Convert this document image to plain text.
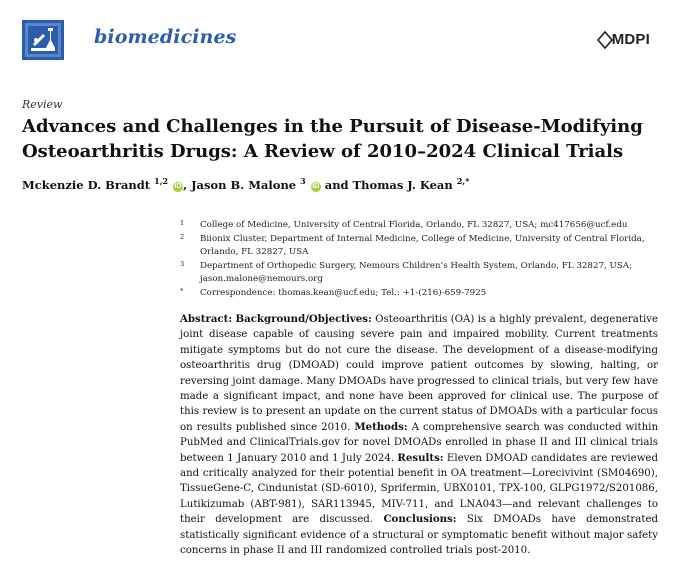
biomedicines	MDPI
Review
Advances and Challenges in the Pursuit of Disease-Modifying Osteoarthritis Drugs: A Review of 2010–2024 Clinical Trials
Mckenzie D. Brandt $^{1,2}$ iD , Jason B. Malone $^3$ iD and Thomas J. Kean $^{2,*}$
1 College of Medicine, University of Central Florida, Orlando, FL 32827, USA; mc417656@ucf.edu
2 Biionix Cluster, Department of Internal Medicine, College of Medicine, University of Central Florida, Orlando, FL 32827, USA
3 Department of Orthopedic Surgery, Nemours Children’s Health System, Orlando, FL 32827, USA; jason.malone@nemours.org
* Correspondence: thomas.kean@ucf.edu; Tel.: +1-(216)-659-7925

Abstract: Background/Objectives: Osteoarthritis (OA) is a highly prevalent, degenerative joint disease capable of causing severe pain and impaired mobility. Current treatments mitigate symptoms but do not cure the disease. The development of a disease-modifying osteoarthritis drug (DMOAD) could improve patient outcomes by slowing, halting, or reversing joint damage. Many DMOADs have progressed to clinical trials, but very few have made a significant impact, and none have been approved for clinical use. The purpose of this review is to present an update on the current status of DMOADs with a particular focus on results published since 2010. Methods: A comprehensive search was conducted within PubMed and ClinicalTrials.gov for novel DMOADs enrolled in phase II and III clinical trials between 1 January 2010 and 1 July 2024. Results: Eleven DMOAD candidates are reviewed and critically analyzed for their potential benefit in OA treatment—Lorecivivint (SM04690), TissueGene-C, Cindunistat (SD-6010), Sprifermin, UBX0101, TPX-100, GLPG1972/S201086, Lutikizumab (ABT-981), SAR113945, MIV-711, and LNA043—and relevant challenges to their development are discussed. Conclusions: Six DMOADs have demonstrated statistically significant evidence of a structural or symptomatic benefit without major safety concerns in phase II and III randomized controlled trials post-2010.
